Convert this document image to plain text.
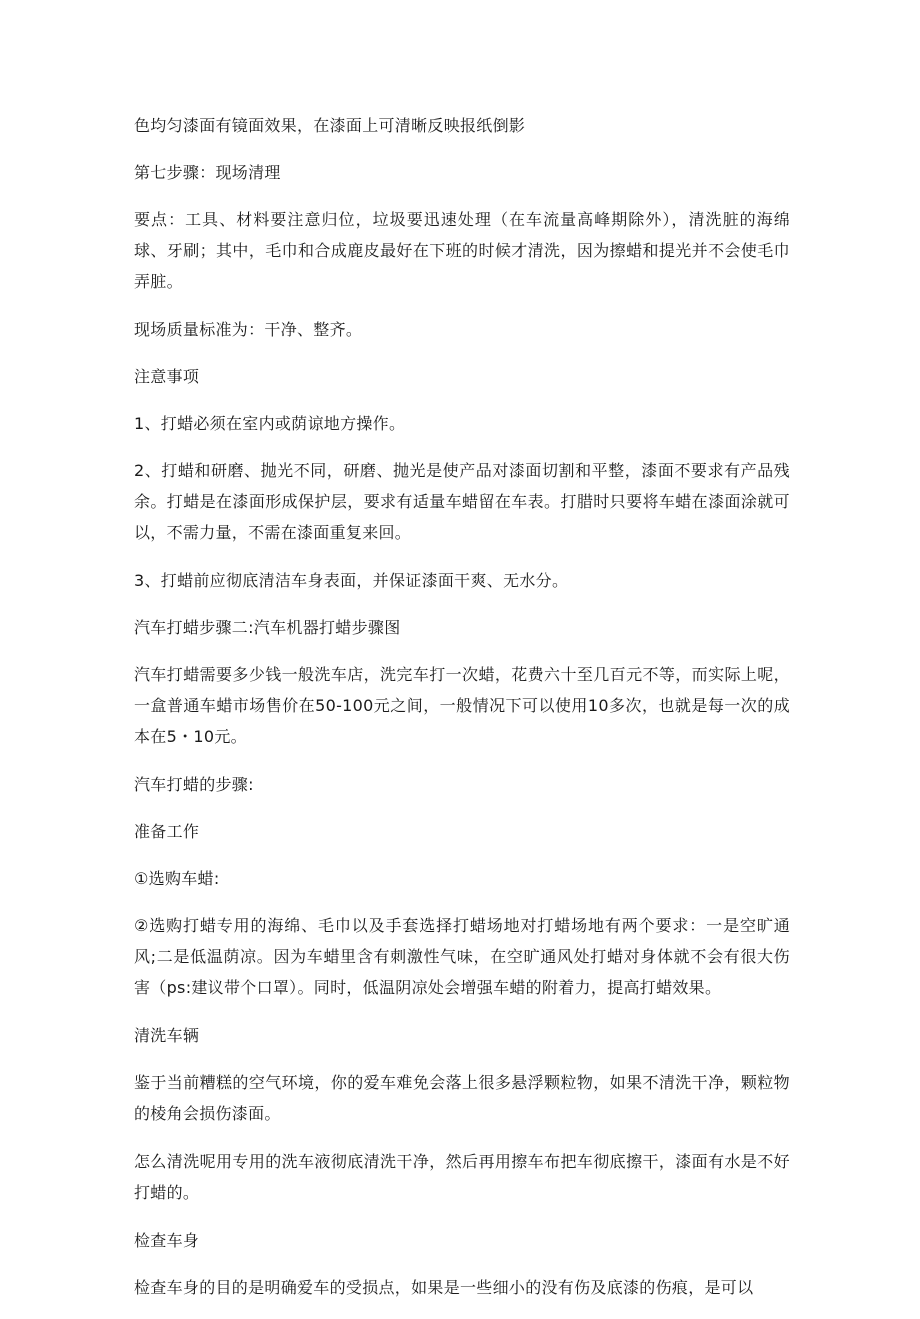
色均匀漆面有镜面效果，在漆面上可清晰反映报纸倒影

第七步骤：现场清理

要点：工具、材料要注意归位，垃圾要迅速处理（在车流量高峰期除外），清洗脏的海绵球、牙刷；其中，毛巾和合成鹿皮最好在下班的时候才清洗，因为擦蜡和提光并不会使毛巾弄脏。

现场质量标准为：干净、整齐。

注意事项

1、打蜡必须在室内或荫谅地方操作。

2、打蜡和研磨、抛光不同，研磨、抛光是使产品对漆面切割和平整，漆面不要求有产品残余。打蜡是在漆面形成保护层，要求有适量车蜡留在车表。打腊时只要将车蜡在漆面涂就可以，不需力量，不需在漆面重复来回。

3、打蜡前应彻底清洁车身表面，并保证漆面干爽、无水分。

汽车打蜡步骤二:汽车机器打蜡步骤图

汽车打蜡需要多少钱一般洗车店，洗完车打一次蜡，花费六十至几百元不等，而实际上呢，一盒普通车蜡市场售价在50-100元之间，一般情况下可以使用10多次，也就是每一次的成本在5・10元。

汽车打蜡的步骤:

准备工作

①选购车蜡:

②选购打蜡专用的海绵、毛巾以及手套选择打蜡场地对打蜡场地有两个要求：一是空旷通风;二是低温荫凉。因为车蜡里含有刺激性气味，在空旷通风处打蜡对身体就不会有很大伤害（ps:建议带个口罩）。同时，低温阴凉处会增强车蜡的附着力，提高打蜡效果。

清洗车辆

鉴于当前糟糕的空气环境，你的爱车难免会落上很多悬浮颗粒物，如果不清洗干净，颗粒物的棱角会损伤漆面。

怎么清洗呢用专用的洗车液彻底清洗干净，然后再用擦车布把车彻底擦干，漆面有水是不好打蜡的。

检查车身

检查车身的目的是明确爱车的受损点，如果是一些细小的没有伤及底漆的伤痕，是可以
